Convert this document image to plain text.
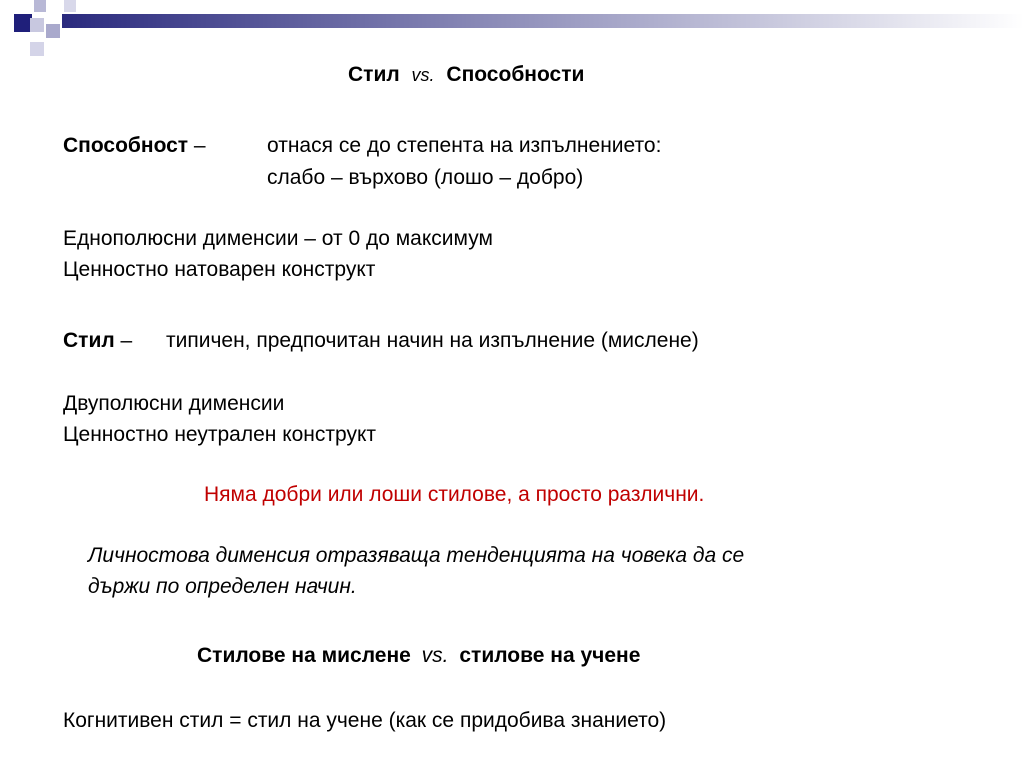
Стил vs. Способности
Способност –	отнася се до степента на изпълнението:
слабо – върхово (лошо – добро)
Еднополюсни дименсии – от 0 до максимум
Ценностно натоварен конструкт
Стил – типичен, предпочитан начин на изпълнение (мислене)
Двуполюсни дименсии
Ценностно неутрален конструкт
Няма добри или лоши стилове, а просто различни.
Личностова дименсия отразяваща тенденцията на човека да се
държи по определен начин.
Стилове на мислене vs. стилове на учене
Когнитивен стил = стил на учене (как се придобива знанието)
